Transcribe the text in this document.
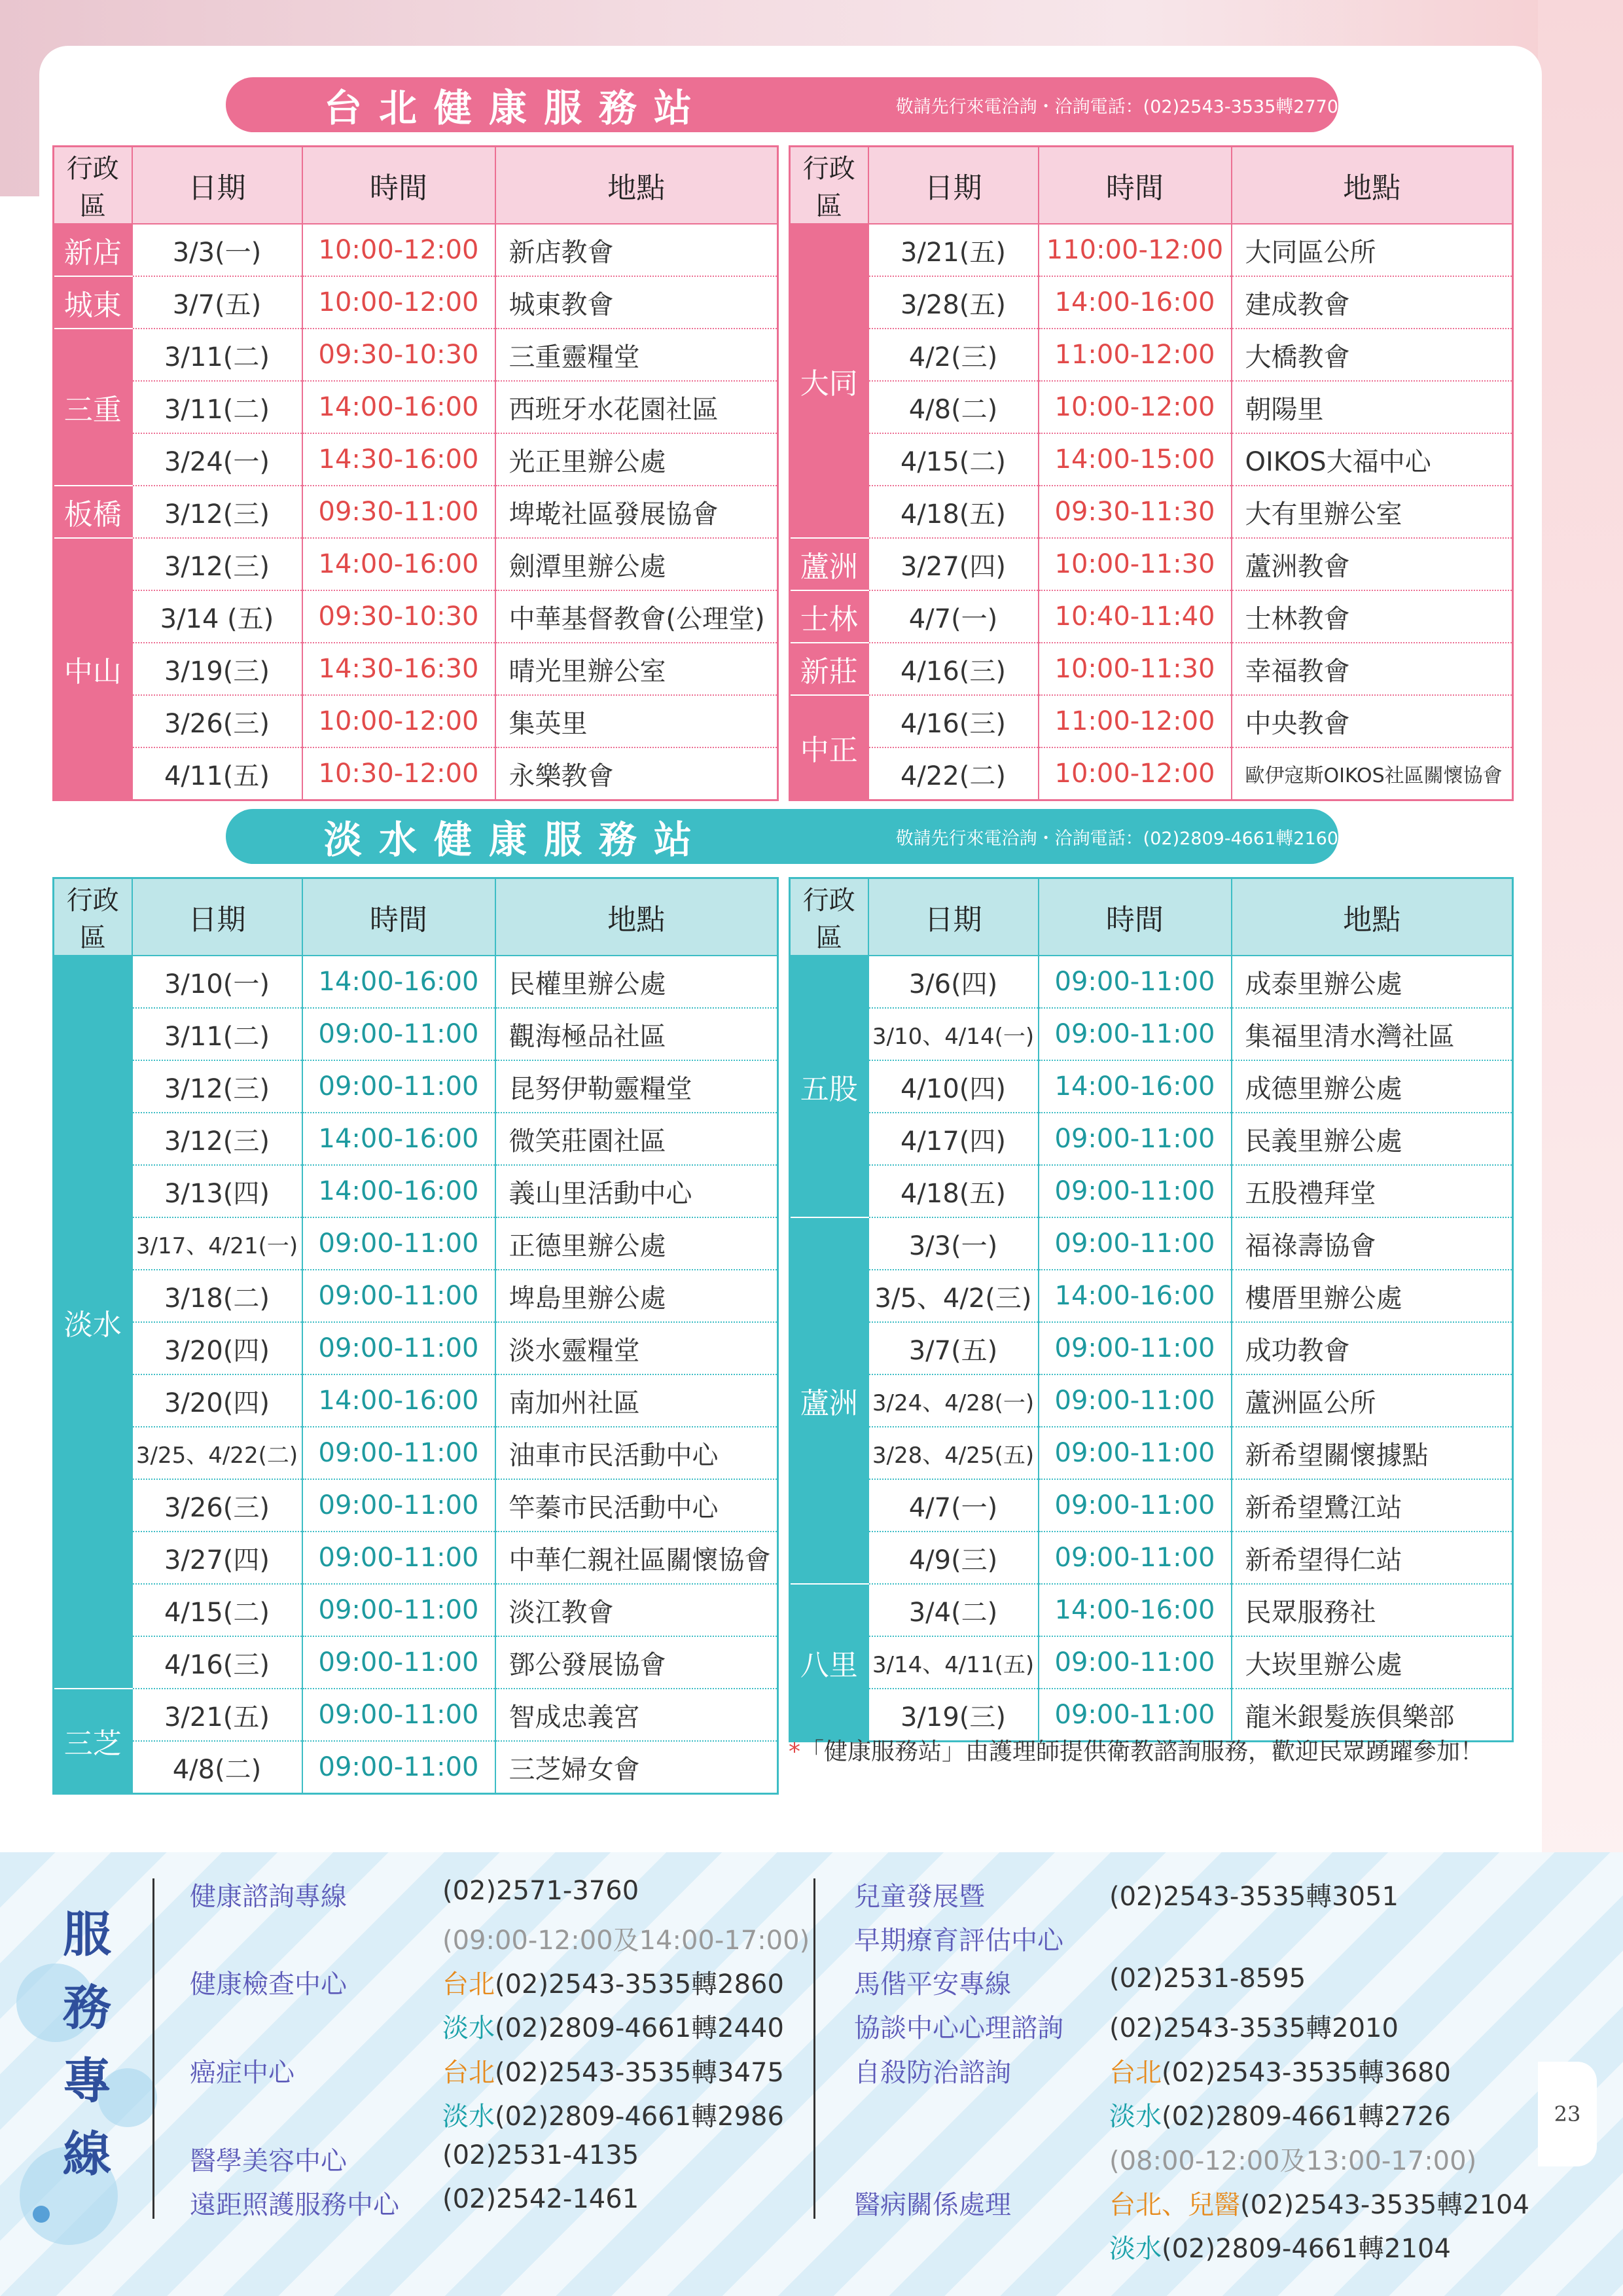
台北健康服務站	敬請先行來電洽詢・洽詢電話：(02)2543-3535轉2770
行政區	日期	時間	地點
新店	3/3(一)	10:00-12:00	新店教會
城東	3/7(五)	10:00-12:00	城東教會
三重	3/11(二)	09:30-10:30	三重靈糧堂
	3/11(二)	14:00-16:00	西班牙水花園社區
	3/24(一)	14:30-16:00	光正里辦公處
板橋	3/12(三)	09:30-11:00	埤墘社區發展協會
中山	3/12(三)	14:00-16:00	劍潭里辦公處
	3/14 (五)	09:30-10:30	中華基督教會(公理堂)
	3/19(三)	14:30-16:30	晴光里辦公室
	3/26(三)	10:00-12:00	集英里
	4/11(五)	10:30-12:00	永樂教會
行政區	日期	時間	地點
大同	3/21(五)	110:00-12:00	大同區公所
	3/28(五)	14:00-16:00	建成教會
	4/2(三)	11:00-12:00	大橋教會
	4/8(二)	10:00-12:00	朝陽里
	4/15(二)	14:00-15:00	OIKOS大福中心
	4/18(五)	09:30-11:30	大有里辦公室
蘆洲	3/27(四)	10:00-11:30	蘆洲教會
士林	4/7(一)	10:40-11:40	士林教會
新莊	4/16(三)	10:00-11:30	幸福教會
中正	4/16(三)	11:00-12:00	中央教會
	4/22(二)	10:00-12:00	歐伊寇斯OIKOS社區關懷協會
淡水健康服務站	敬請先行來電洽詢・洽詢電話：(02)2809-4661轉2160
行政區	日期	時間	地點
淡水	3/10(一)	14:00-16:00	民權里辦公處
	3/11(二)	09:00-11:00	觀海極品社區
	3/12(三)	09:00-11:00	昆努伊勒靈糧堂
	3/12(三)	14:00-16:00	微笑莊園社區
	3/13(四)	14:00-16:00	義山里活動中心
	3/17、4/21(一)	09:00-11:00	正德里辦公處
	3/18(二)	09:00-11:00	埤島里辦公處
	3/20(四)	09:00-11:00	淡水靈糧堂
	3/20(四)	14:00-16:00	南加州社區
	3/25、4/22(二)	09:00-11:00	油車市民活動中心
	3/26(三)	09:00-11:00	竿蓁市民活動中心
	3/27(四)	09:00-11:00	中華仁親社區關懷協會
	4/15(二)	09:00-11:00	淡江教會
	4/16(三)	09:00-11:00	鄧公發展協會
三芝	3/21(五)	09:00-11:00	智成忠義宮
	4/8(二)	09:00-11:00	三芝婦女會
行政區	日期	時間	地點
五股	3/6(四)	09:00-11:00	成泰里辦公處
	3/10、4/14(一)	09:00-11:00	集福里清水灣社區
	4/10(四)	14:00-16:00	成德里辦公處
	4/17(四)	09:00-11:00	民義里辦公處
	4/18(五)	09:00-11:00	五股禮拜堂
蘆洲	3/3(一)	09:00-11:00	福祿壽協會
	3/5、4/2(三)	14:00-16:00	樓厝里辦公處
	3/7(五)	09:00-11:00	成功教會
	3/24、4/28(一)	09:00-11:00	蘆洲區公所
	3/28、4/25(五)	09:00-11:00	新希望關懷據點
	4/7(一)	09:00-11:00	新希望鷺江站
	4/9(三)	09:00-11:00	新希望得仁站
八里	3/4(二)	14:00-16:00	民眾服務社
	3/14、4/11(五)	09:00-11:00	大崁里辦公處
	3/19(三)	09:00-11:00	龍米銀髮族俱樂部
*「健康服務站」由護理師提供衛教諮詢服務，歡迎民眾踴躍參加！
服務專線
健康諮詢專線	(02)2571-3760
(09:00-12:00及14:00-17:00)
健康檢查中心	台北(02)2543-3535轉2860
淡水(02)2809-4661轉2440
癌症中心	台北(02)2543-3535轉3475
淡水(02)2809-4661轉2986
醫學美容中心	(02)2531-4135
遠距照護服務中心 (02)2542-1461
兒童發展暨	(02)2543-3535轉3051
早期療育評估中心
馬偕平安專線	(02)2531-8595
協談中心心理諮詢 (02)2543-3535轉2010
自殺防治諮詢	台北(02)2543-3535轉3680
淡水(02)2809-4661轉2726
(08:00-12:00及13:00-17:00)
醫病關係處理	台北、兒醫(02)2543-3535轉2104
淡水(02)2809-4661轉2104
23
